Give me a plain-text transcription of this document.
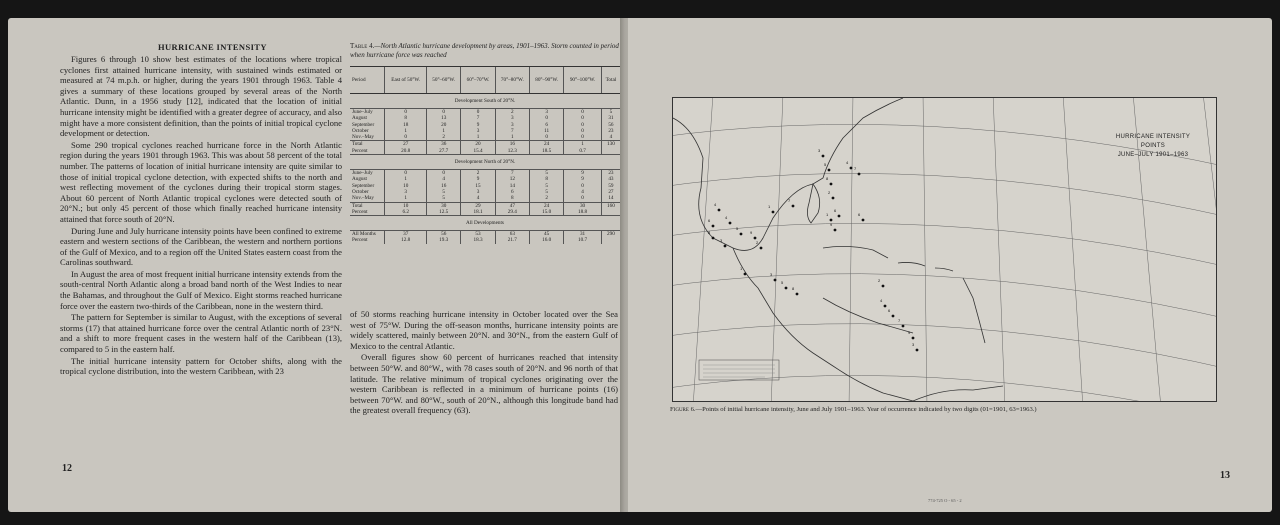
HURRICANE INTENSITY

Figures 6 through 10 show best estimates of the locations where tropical cyclones first attained hurricane intensity, with sustained winds estimated or measured at 74 m.p.h. or higher, during the years 1901 through 1963. Table 4 gives a summary of these locations grouped by several areas of the North Atlantic. Dunn, in a 1956 study [12], indicated that the location of initial hurricane intensity might be identified with a greater degree of accuracy, and also might have a more consistent definition, than the points of initial tropical cyclone development or detection.

Some 290 tropical cyclones reached hurricane force in the North Atlantic region during the years 1901 through 1963. This was about 58 percent of the total number. The patterns of location of initial hurricane intensity are quite similar to those of initial tropical cyclone detection, with expected shifts to the north and west reflecting movement of the cyclones during their tropical storm stages. About 60 percent of North Atlantic tropical cyclones were detected south of 20°N.; but only 45 percent of those which finally reached hurricane intensity attained that force south of 20°N.

During June and July hurricane intensity points have been confined to extreme eastern and western sections of the Caribbean, the western and northern portions of the Gulf of Mexico, and to a region off the United States eastern coast from the Carolinas southward.

In August the area of most frequent initial hurricane intensity extends from the south-central North Atlantic along a broad band north of the West Indies to near the Bahamas, and throughout the Gulf of Mexico. Eight storms reached hurricane force over the eastern two-thirds of the Caribbean, none in the western third.

The pattern for September is similar to August, with the exceptions of several storms (17) that attained hurricane force over the central Atlantic north of 23°N. and a shift to more frequent cases in the western half of the Caribbean (13), compared to 5 in the eastern half.

The initial hurricane intensity pattern for October shifts, along with the tropical cyclone distribution, into the western Caribbean, with 23

Table 4.—North Atlantic hurricane development by areas, 1901–1963. Storm counted in period when hurricane force was reached
Period	East of 50°W.	50°–60°W.	60°–70°W.	70°–80°W.	80°–90°W.	90°–100°W.	Total
Development South of 20°N.							
June–July	0	0	0	2	3	0	5
August	8	13	7	3	0	0	31
September	18	20	9	3	6	0	56
October	1	1	3	7	11	0	23
Nov.–May	0	2	1	1	0	0	4
Total	27	36	20	16	24	1	130
Percent	20.8	27.7	15.4	12.3	18.5	0.7	
Development North of 20°N.							
June–July	0	0	2	7	5	9	23
August	1	4	9	12	8	9	43
September	10	16	15	14	5	0	59
October	3	5	3	6	5	4	27
Nov.–May	1	5	4	8	2	0	14
Total	10	30	29	47	24	30	160
Percent	6.2	12.5	18.1	29.4	15.0	18.8	
All Developments							
All Months	37	56	53	63	45	31	290
Percent	12.8	19.3	18.3	21.7	16.0	10.7	

of 50 storms reaching hurricane intensity in October located over the Sea west of 75°W. During the off-season months, hurricane intensity points are widely scattered, mainly between 20°N. and 30°N., from the eastern Gulf of Mexico to the central Atlantic.

Overall figures show 60 percent of hurricanes reached that intensity between 50°W. and 80°W., with 78 cases south of 20°N. and 96 north of that latitude. The relative minimum of tropical cyclones originating over the western Caribbean is reflected in a minimum of hurricane points (16) between 70°W. and 80°W., south of 20°N., although this longitude band had the greatest overall frequency (63).

12
4
4
6
8
3
5
9
2
1
7
3
5
8
2
6
1
9
4
7
6
1
3
5
8
2
4
6
7
9
3
HURRICANE INTENSITY
POINTS
JUNE–JULY 1901–1963
Figure 6.—Points of initial hurricane intensity, June and July 1901–1963. Year of occurrence indicated by two digits (01=1901, 63=1963.)
774-725 O - 65 - 2
13
